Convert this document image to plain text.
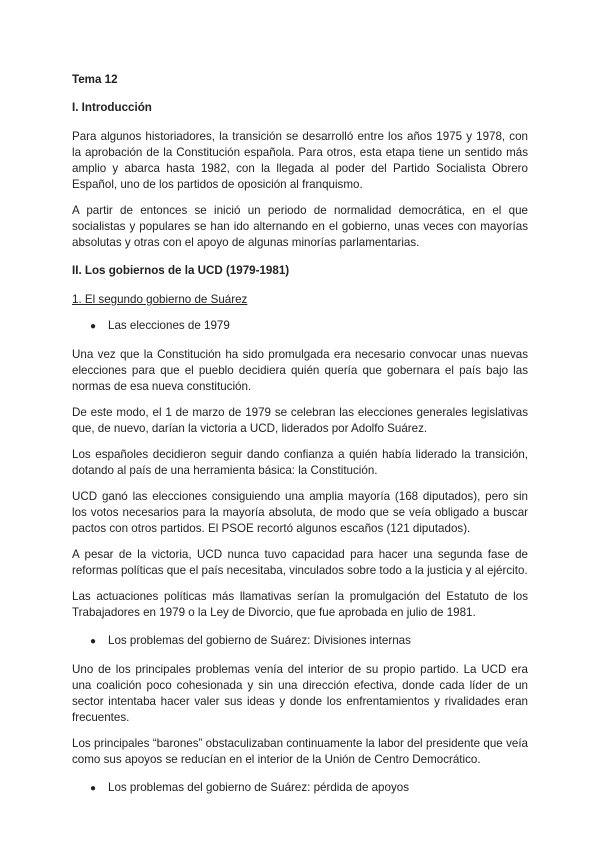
Tema 12

I. Introducción

Para algunos historiadores, la transición se desarrolló entre los años 1975 y 1978, con la aprobación de la Constitución española. Para otros, esta etapa tiene un sentido más amplio y abarca hasta 1982, con la llegada al poder del Partido Socialista Obrero Español, uno de los partidos de oposición al franquismo.

A partir de entonces se inició un periodo de normalidad democrática, en el que socialistas y populares se han ido alternando en el gobierno, unas veces con mayorías absolutas y otras con el apoyo de algunas minorías parlamentarias.

II. Los gobiernos de la UCD (1979-1981)

1. El segundo gobierno de Suárez

●	Las elecciones de 1979

Una vez que la Constitución ha sido promulgada era necesario convocar unas nuevas elecciones para que el pueblo decidiera quién quería que gobernara el país bajo las normas de esa nueva constitución.

De este modo, el 1 de marzo de 1979 se celebran las elecciones generales legislativas que, de nuevo, darían la victoria a UCD, liderados por Adolfo Suárez.

Los españoles decidieron seguir dando confianza a quién había liderado la transición, dotando al país de una herramienta básica: la Constitución.

UCD ganó las elecciones consiguiendo una amplia mayoría (168 diputados), pero sin los votos necesarios para la mayoría absoluta, de modo que se veía obligado a buscar pactos con otros partidos. El PSOE recortó algunos escaños (121 diputados).

A pesar de la victoria, UCD nunca tuvo capacidad para hacer una segunda fase de reformas políticas que el país necesitaba, vinculados sobre todo a la justicia y al ejército.

Las actuaciones políticas más llamativas serían la promulgación del Estatuto de los Trabajadores en 1979 o la Ley de Divorcio, que fue aprobada en julio de 1981.

●	Los problemas del gobierno de Suárez: Divisiones internas

Uno de los principales problemas venía del interior de su propio partido. La UCD era una coalición poco cohesionada y sin una dirección efectiva, donde cada líder de un sector intentaba hacer valer sus ideas y donde los enfrentamientos y rivalidades eran frecuentes.

Los principales “barones” obstaculizaban continuamente la labor del presidente que veía como sus apoyos se reducían en el interior de la Unión de Centro Democrático.

●	Los problemas del gobierno de Suárez: pérdida de apoyos
